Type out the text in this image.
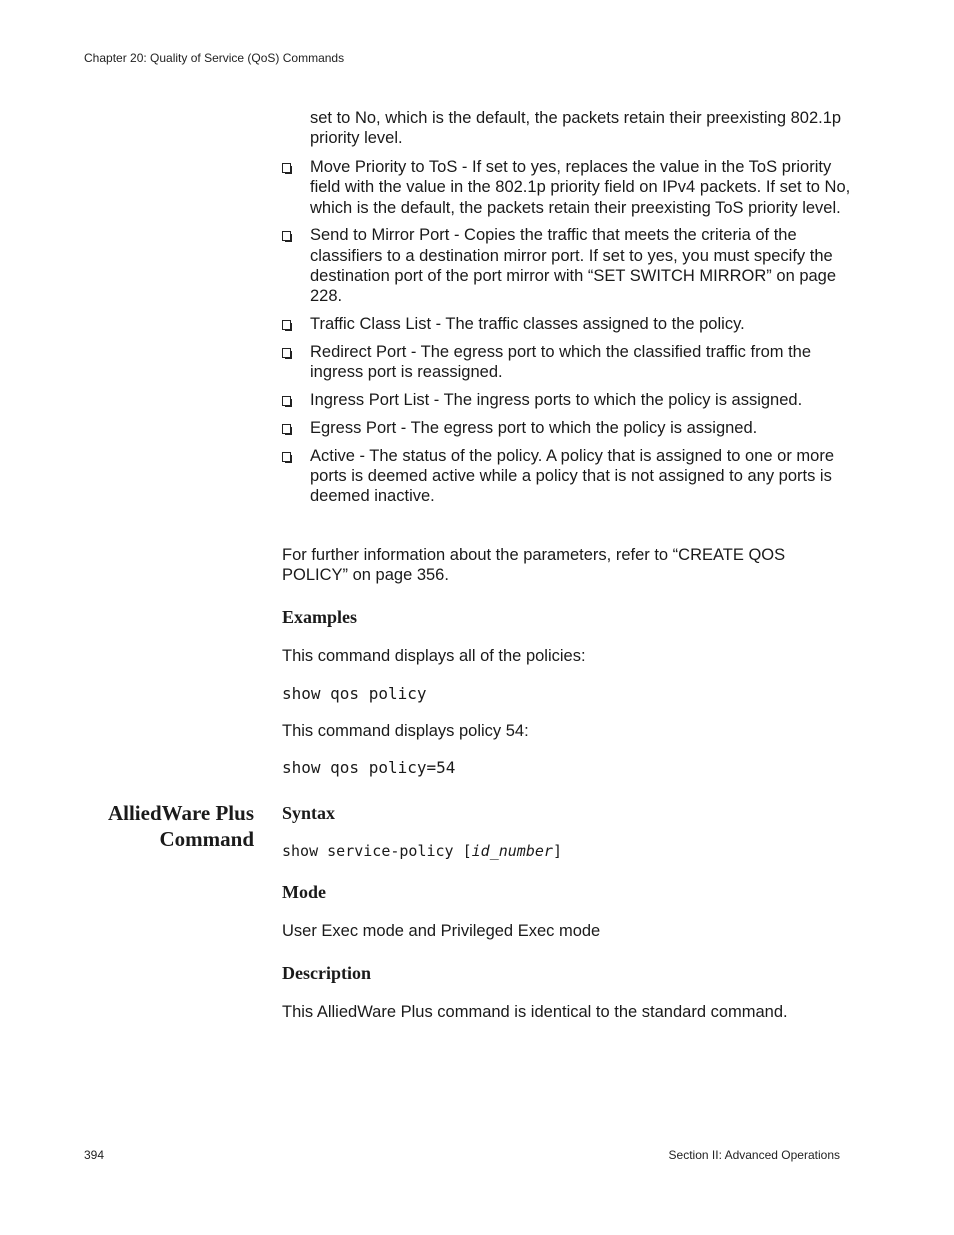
Chapter 20: Quality of Service (QoS) Commands
set to No, which is the default, the packets retain their preexisting 802.1p priority level.
Move Priority to ToS - If set to yes, replaces the value in the ToS priority field with the value in the 802.1p priority field on IPv4 packets. If set to No, which is the default, the packets retain their preexisting ToS priority level.
Send to Mirror Port - Copies the traffic that meets the criteria of the classifiers to a destination mirror port. If set to yes, you must specify the destination port of the port mirror with “SET SWITCH MIRROR” on page 228.
Traffic Class List - The traffic classes assigned to the policy.
Redirect Port - The egress port to which the classified traffic from the ingress port is reassigned.
Ingress Port List - The ingress ports to which the policy is assigned.
Egress Port - The egress port to which the policy is assigned.
Active - The status of the policy. A policy that is assigned to one or more ports is deemed active while a policy that is not assigned to any ports is deemed inactive.
For further information about the parameters, refer to “CREATE QOS POLICY” on page 356.
Examples
This command displays all of the policies:
show qos policy
This command displays policy 54:
show qos policy=54
AlliedWare Plus
Command
Syntax
show service-policy [id_number]
Mode
User Exec mode and Privileged Exec mode
Description
This AlliedWare Plus command is identical to the standard command.
394	Section II: Advanced Operations
